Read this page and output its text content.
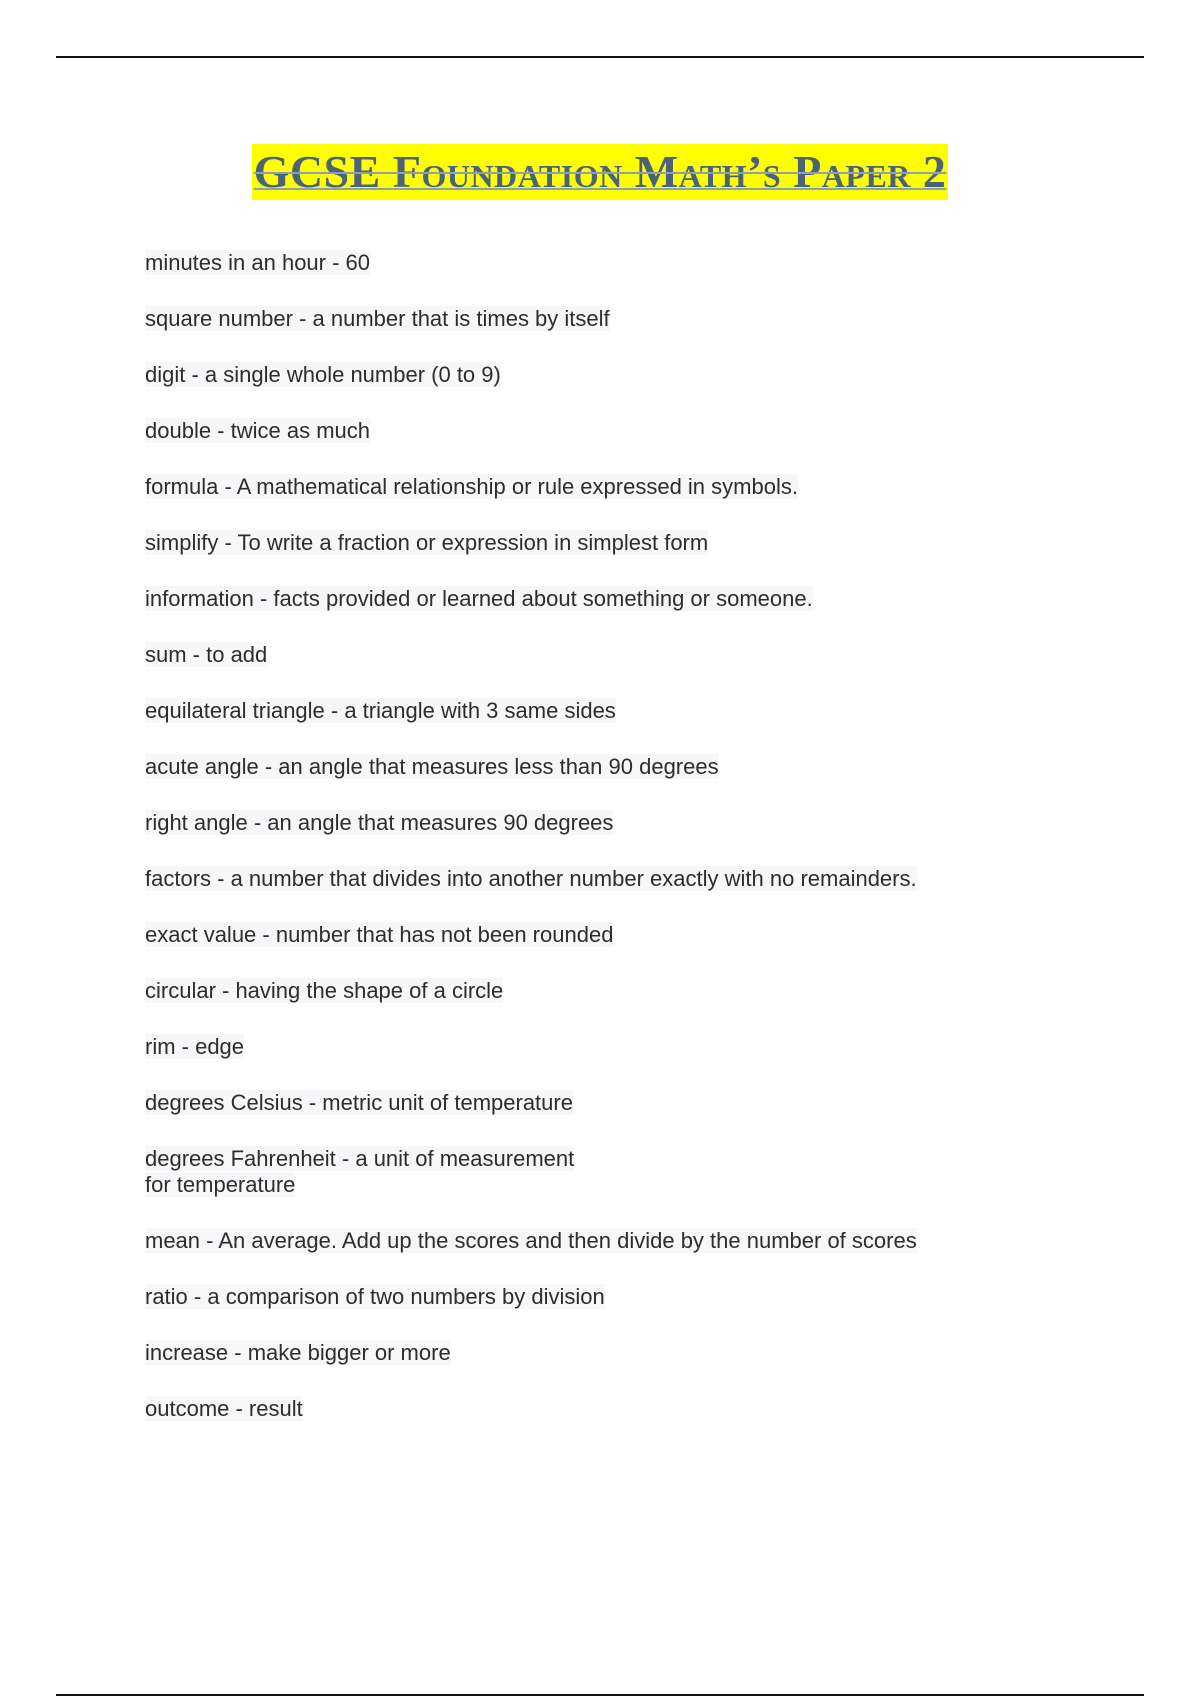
GCSE Foundation Math’s Paper 2
minutes in an hour - 60
square number - a number that is times by itself
digit - a single whole number (0 to 9)
double - twice as much
formula - A mathematical relationship or rule expressed in symbols.
simplify - To write a fraction or expression in simplest form
information - facts provided or learned about something or someone.
sum - to add
equilateral triangle - a triangle with 3 same sides
acute angle - an angle that measures less than 90 degrees
right angle - an angle that measures 90 degrees
factors - a number that divides into another number exactly with no remainders.
exact value - number that has not been rounded
circular - having the shape of a circle
rim - edge
degrees Celsius - metric unit of temperature
degrees Fahrenheit - a unit of measurement
for temperature
mean - An average. Add up the scores and then divide by the number of scores
ratio - a comparison of two numbers by division
increase - make bigger or more
outcome - result
